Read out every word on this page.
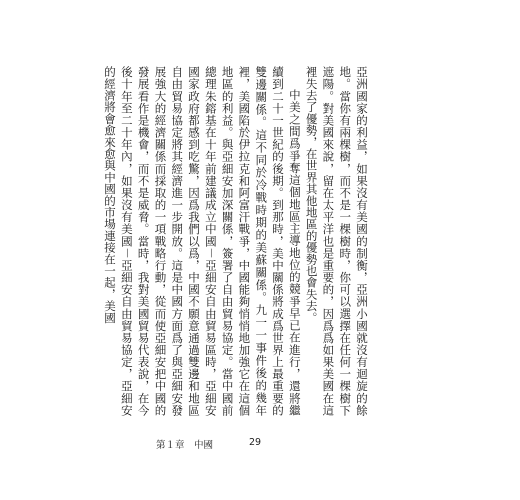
亞洲國家的利益，如果沒有美國的制衡，亞洲小國就沒有迴旋的餘地。當你有兩棵樹，而不是一棵樹時，你可以選擇在任何一棵樹下遮陽。對美國來說，留在太平洋也是重要的，因爲爲如果美國在這裡失去了優勢，在世界其他地區的優勢也會失去。

中美之間爲爭奪這個地區主導地位的競爭早已在進行，還將繼續到二十一世紀的後期。到那時，美中關係將成爲世界上最重要的雙邊關係。這不同於冷戰時期的美蘇關係。九一一事件後的幾年裡，美國陷於伊拉克和阿富汗戰爭，中國能夠悄悄地加強它在這個地區的利益。與亞細安加深關係，簽署了自由貿易協定。當中國前總理朱鎔基在十年前建議成立中國－亞細安自由貿易區時，亞細安國家政府都感到吃驚，因爲我們以爲，中國不願意通過雙邊和地區自由貿易協定將其經濟進一步開放。這是中國方面爲了與亞細安發展強大的經濟關係而採取的一項戰略行動，從而使亞細安把中國的發展看作是機會，而不是威脅。當時，我對美國貿易代表說，在今後十年至二十年內，如果沒有美國－亞細安自由貿易協定，亞細安的經濟將會愈來愈與中國的市場連接在一起，美國

第１章　中國	29
